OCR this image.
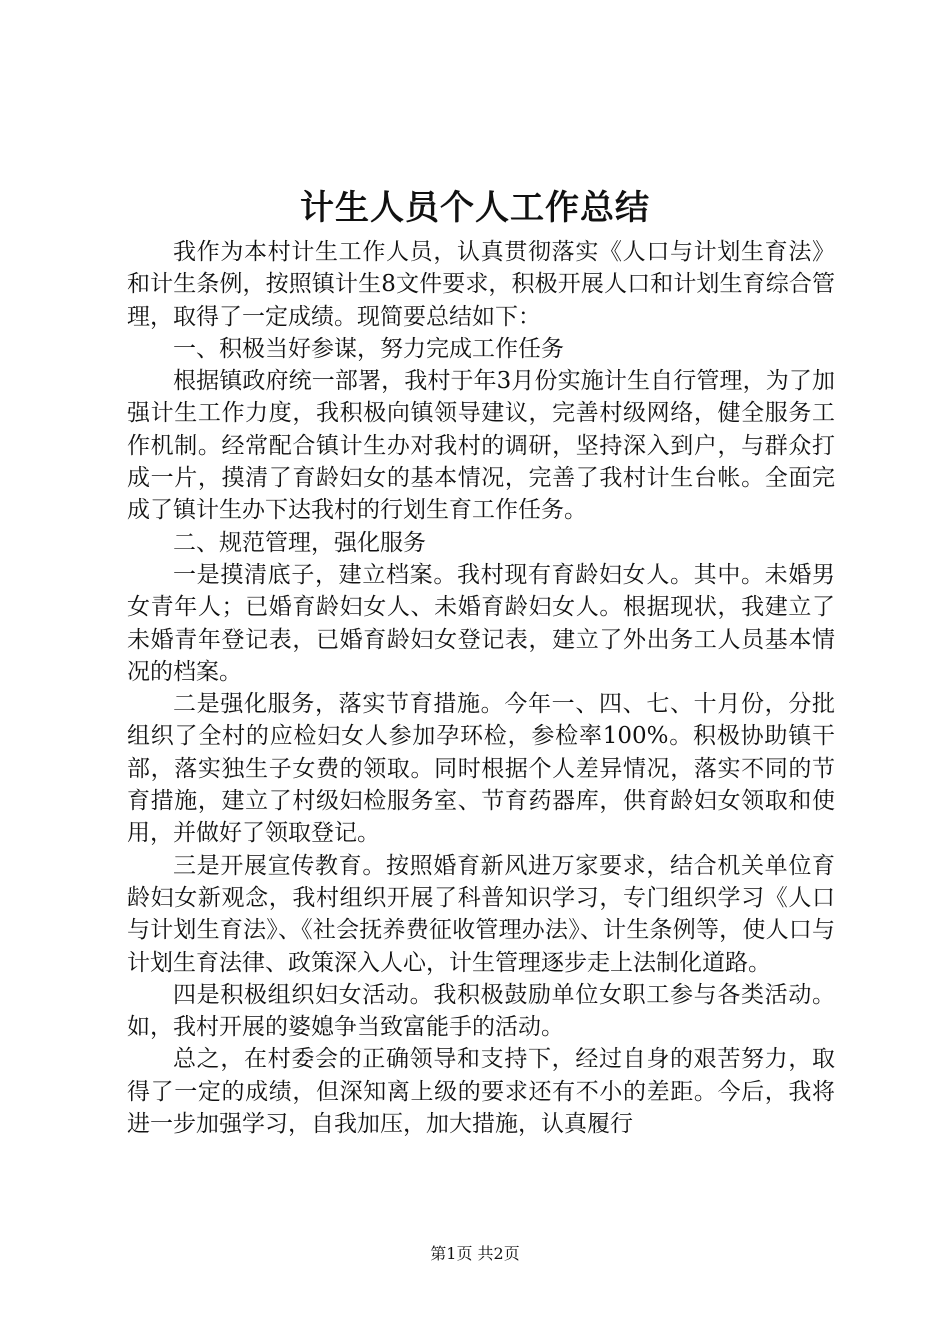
计生人员个人工作总结

我作为本村计生工作人员，认真贯彻落实《人口与计划生育法》和计生条例，按照镇计生8文件要求，积极开展人口和计划生育综合管理，取得了一定成绩。现简要总结如下：

一、积极当好参谋，努力完成工作任务

根据镇政府统一部署，我村于年3月份实施计生自行管理，为了加强计生工作力度，我积极向镇领导建议，完善村级网络，健全服务工作机制。经常配合镇计生办对我村的调研，坚持深入到户，与群众打成一片，摸清了育龄妇女的基本情况，完善了我村计生台帐。全面完成了镇计生办下达我村的行划生育工作任务。

二、规范管理，强化服务

一是摸清底子，建立档案。我村现有育龄妇女人。其中。未婚男女青年人；已婚育龄妇女人、未婚育龄妇女人。根据现状，我建立了未婚青年登记表，已婚育龄妇女登记表，建立了外出务工人员基本情况的档案。

二是强化服务，落实节育措施。今年一、四、七、十月份，分批组织了全村的应检妇女人参加孕环检，参检率100%。积极协助镇干部，落实独生子女费的领取。同时根据个人差异情况，落实不同的节育措施，建立了村级妇检服务室、节育药器库，供育龄妇女领取和使用，并做好了领取登记。

三是开展宣传教育。按照婚育新风进万家要求，结合机关单位育龄妇女新观念，我村组织开展了科普知识学习，专门组织学习《人口与计划生育法》、《社会抚养费征收管理办法》、计生条例等，使人口与计划生育法律、政策深入人心，计生管理逐步走上法制化道路。

四是积极组织妇女活动。我积极鼓励单位女职工参与各类活动。如，我村开展的婆媳争当致富能手的活动。

总之，在村委会的正确领导和支持下，经过自身的艰苦努力，取得了一定的成绩，但深知离上级的要求还有不小的差距。今后，我将进一步加强学习，自我加压，加大措施，认真履行

第1页 共2页
